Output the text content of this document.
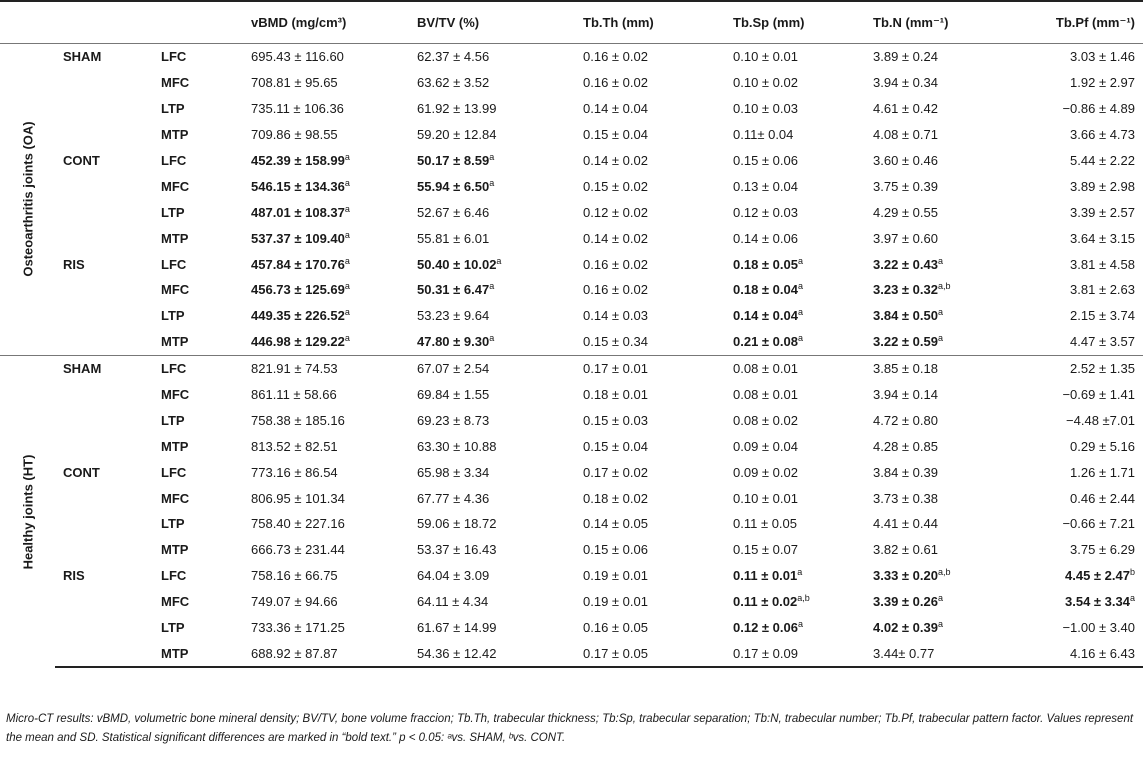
			vBMD (mg/cm³)	BV/TV (%)	Tb.Th (mm)	Tb.Sp (mm)	Tb.N (mm⁻¹)	Tb.Pf (mm⁻¹)

Osteoarthritis joints (OA)	SHAM	LFC	695.43 ± 116.60	62.37 ± 4.56	0.16 ± 0.02	0.10 ± 0.01	3.89 ± 0.24	3.03 ± 1.46
		MFC	708.81 ± 95.65	63.62 ± 3.52	0.16 ± 0.02	0.10 ± 0.02	3.94 ± 0.34	1.92 ± 2.97
		LTP	735.11 ± 106.36	61.92 ± 13.99	0.14 ± 0.04	0.10 ± 0.03	4.61 ± 0.42	−0.86 ± 4.89
		MTP	709.86 ± 98.55	59.20 ± 12.84	0.15 ± 0.04	0.11± 0.04	4.08 ± 0.71	3.66 ± 4.73
	CONT	LFC	452.39 ± 158.99$^a$	50.17 ± 8.59$^a$	0.14 ± 0.02	0.15 ± 0.06	3.60 ± 0.46	5.44 ± 2.22
		MFC	546.15 ± 134.36$^a$	55.94 ± 6.50$^a$	0.15 ± 0.02	0.13 ± 0.04	3.75 ± 0.39	3.89 ± 2.98
		LTP	487.01 ± 108.37$^a$	52.67 ± 6.46	0.12 ± 0.02	0.12 ± 0.03	4.29 ± 0.55	3.39 ± 2.57
		MTP	537.37 ± 109.40$^a$	55.81 ± 6.01	0.14 ± 0.02	0.14 ± 0.06	3.97 ± 0.60	3.64 ± 3.15
	RIS	LFC	457.84 ± 170.76$^a$	50.40 ± 10.02$^a$	0.16 ± 0.02	0.18 ± 0.05$^a$	3.22 ± 0.43$^a$	3.81 ± 4.58
		MFC	456.73 ± 125.69$^a$	50.31 ± 6.47$^a$	0.16 ± 0.02	0.18 ± 0.04$^a$	$3.23 \pm 0.32^{a,b}$	3.81 ± 2.63
		LTP	449.35 ± 226.52$^a$	53.23 ± 9.64	0.14 ± 0.03	0.14 ± 0.04$^a$	3.84 ± 0.50$^a$	2.15 ± 3.74
		MTP	446.98 ± 129.22$^a$	47.80 ± 9.30$^a$	0.15 ± 0.34	0.21 ± 0.08$^a$	3.22 ± 0.59$^a$	4.47 ± 3.57

Healthy joints (HT)	SHAM	LFC	821.91 ± 74.53	67.07 ± 2.54	0.17 ± 0.01	0.08 ± 0.01	3.85 ± 0.18	2.52 ± 1.35
		MFC	861.11 ± 58.66	69.84 ± 1.55	0.18 ± 0.01	0.08 ± 0.01	3.94 ± 0.14	−0.69 ± 1.41
		LTP	758.38 ± 185.16	69.23 ± 8.73	0.15 ± 0.03	0.08 ± 0.02	4.72 ± 0.80	−4.48 ±7.01
		MTP	813.52 ± 82.51	63.30 ± 10.88	0.15 ± 0.04	0.09 ± 0.04	4.28 ± 0.85	0.29 ± 5.16
	CONT	LFC	773.16 ± 86.54	65.98 ± 3.34	0.17 ± 0.02	0.09 ± 0.02	3.84 ± 0.39	1.26 ± 1.71
		MFC	806.95 ± 101.34	67.77 ± 4.36	0.18 ± 0.02	0.10 ± 0.01	3.73 ± 0.38	0.46 ± 2.44
		LTP	758.40 ± 227.16	59.06 ± 18.72	0.14 ± 0.05	0.11 ± 0.05	4.41 ± 0.44	−0.66 ± 7.21
		MTP	666.73 ± 231.44	53.37 ± 16.43	0.15 ± 0.06	0.15 ± 0.07	3.82 ± 0.61	3.75 ± 6.29
	RIS	LFC	758.16 ± 66.75	64.04 ± 3.09	0.19 ± 0.01	0.11 ± 0.01$^a$	$3.33 \pm 0.20^{a,b}$	4.45 ± 2.47$^b$
		MFC	749.07 ± 94.66	64.11 ± 4.34	0.19 ± 0.01	$0.11 \pm 0.02^{a,b}$	3.39 ± 0.26$^a$	3.54 ± 3.34$^a$
		LTP	733.36 ± 171.25	61.67 ± 14.99	0.16 ± 0.05	0.12 ± 0.06$^a$	4.02 ± 0.39$^a$	−1.00 ± 3.40
		MTP	688.92 ± 87.87	54.36 ± 12.42	0.17 ± 0.05	0.17 ± 0.09	3.44± 0.77	4.16 ± 6.43
Micro-CT results: vBMD, volumetric bone mineral density; BV/TV, bone volume fraccion; Tb.Th, trabecular thickness; Tb:Sp, trabecular separation; Tb:N, trabecular number; Tb.Pf, trabecular pattern factor. Values represent the mean and SD. Statistical significant differences are marked in “bold text.” p < 0.05: ᵃvs. SHAM, ᵇvs. CONT.
